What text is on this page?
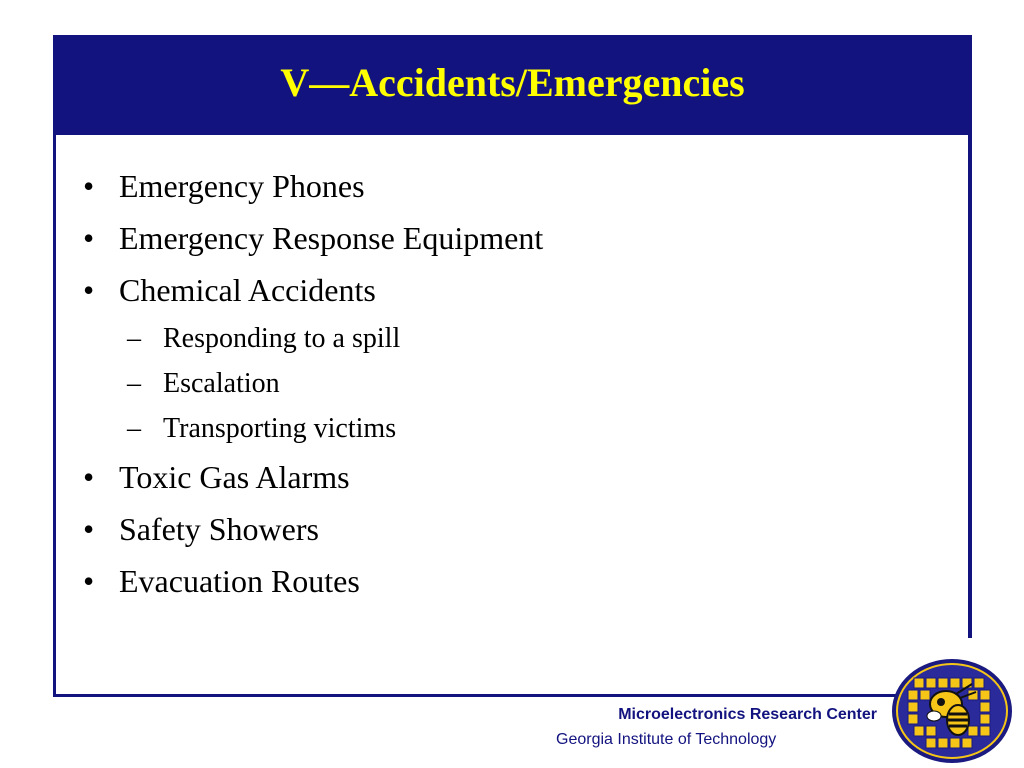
V—Accidents/Emergencies
• Emergency Phones
• Emergency Response Equipment
• Chemical Accidents
– Responding to a spill
– Escalation
– Transporting victims
• Toxic Gas Alarms
• Safety Showers
• Evacuation Routes
Microelectronics Research Center
Georgia Institute of Technology
